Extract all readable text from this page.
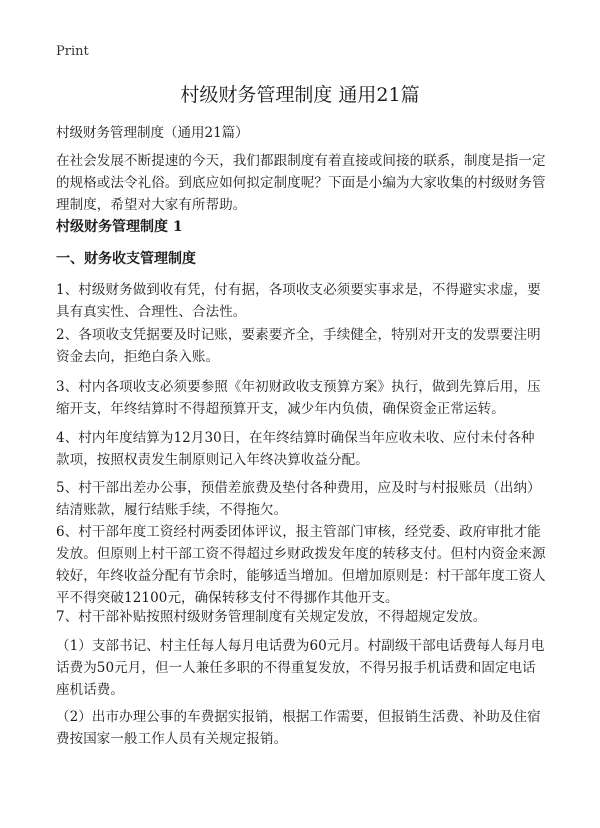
Print
村级财务管理制度 通用21篇

村级财务管理制度（通用21篇）

在社会发展不断提速的今天，我们都跟制度有着直接或间接的联系，制度是指一定的规格或法令礼俗。到底应如何拟定制度呢？下面是小编为大家收集的村级财务管理制度，希望对大家有所帮助。

村级财务管理制度 1
一、财务收支管理制度

1、村级财务做到收有凭，付有据，各项收支必须要实事求是，不得避实求虚，要具有真实性、合理性、合法性。

2、各项收支凭据要及时记账，要素要齐全，手续健全，特别对开支的发票要注明资金去向，拒绝白条入账。

3、村内各项收支必须要参照《年初财政收支预算方案》执行，做到先算后用，压缩开支，年终结算时不得超预算开支，减少年内负债，确保资金正常运转。

4、村内年度结算为12月30日，在年终结算时确保当年应收未收、应付未付各种款项，按照权责发生制原则记入年终决算收益分配。

5、村干部出差办公事，预借差旅费及垫付各种费用，应及时与村报账员（出纳）结清账款，履行结账手续，不得拖欠。

6、村干部年度工资经村两委团体评议，报主管部门审核，经党委、政府审批才能发放。但原则上村干部工资不得超过乡财政拨发年度的转移支付。但村内资金来源较好，年终收益分配有节余时，能够适当增加。但增加原则是：村干部年度工资人平不得突破12100元，确保转移支付不得挪作其他开支。

7、村干部补贴按照村级财务管理制度有关规定发放，不得超规定发放。

（1）支部书记、村主任每人每月电话费为60元月。村副级干部电话费每人每月电话费为50元月，但一人兼任多职的不得重复发放，不得另报手机话费和固定电话座机话费。

（2）出市办理公事的车费据实报销，根据工作需要，但报销生活费、补助及住宿费按国家一般工作人员有关规定报销。
